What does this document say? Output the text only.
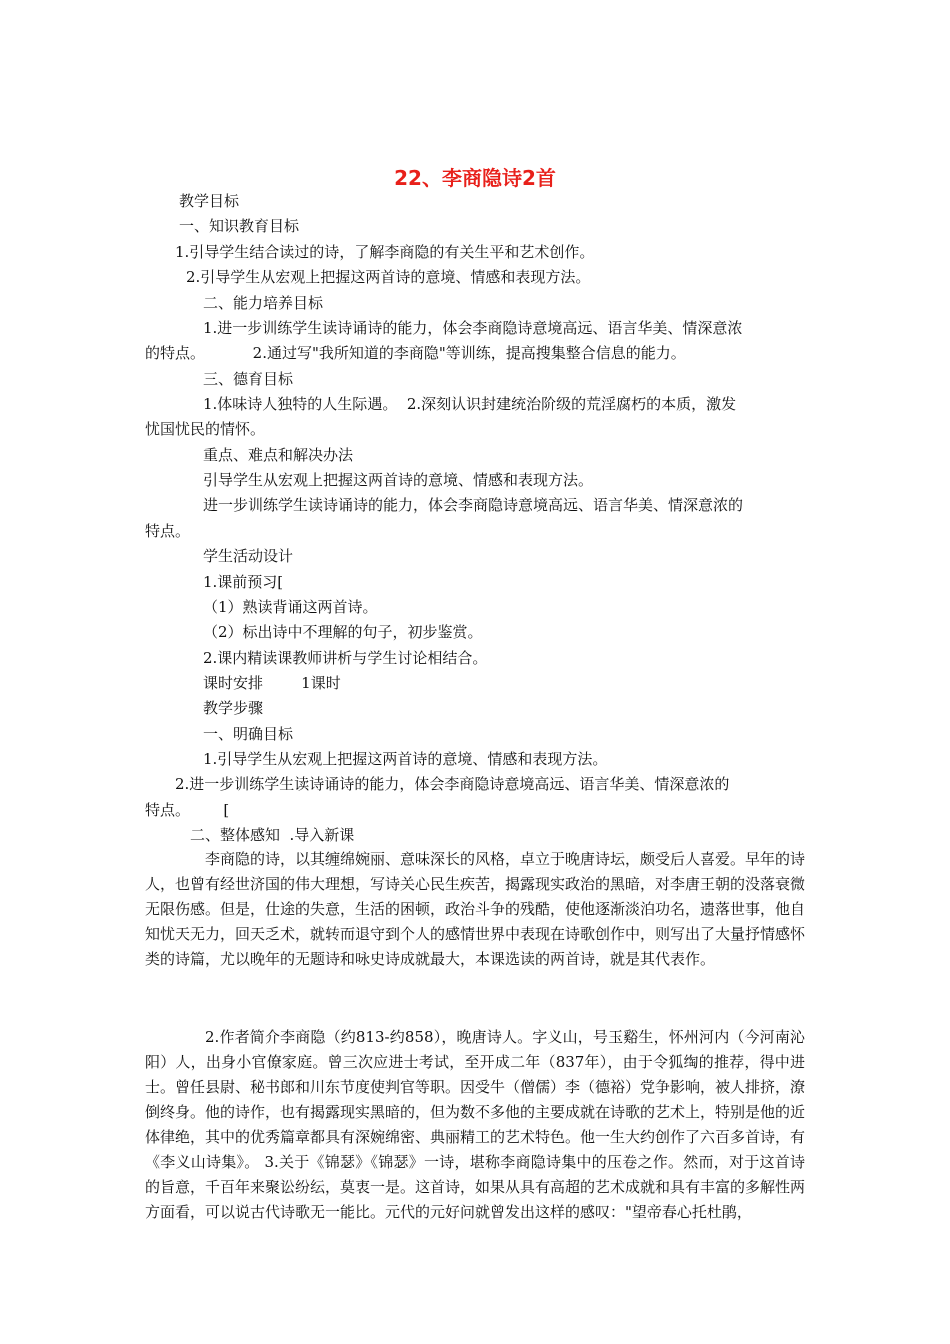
22、李商隐诗2首
教学目标
一、知识教育目标
1.引导学生结合读过的诗，了解李商隐的有关生平和艺术创作。
2.引导学生从宏观上把握这两首诗的意境、情感和表现方法。
二、能力培养目标
1.进一步训练学生读诗诵诗的能力，体会李商隐诗意境高远、语言华美、情深意浓
的特点。          2.通过写"我所知道的李商隐"等训练，提高搜集整合信息的能力。
三、德育目标
1.体味诗人独特的人生际遇。  2.深刻认识封建统治阶级的荒淫腐朽的本质，激发
忧国忧民的情怀。
重点、难点和解决办法
引导学生从宏观上把握这两首诗的意境、情感和表现方法。
进一步训练学生读诗诵诗的能力，体会李商隐诗意境高远、语言华美、情深意浓的
特点。
学生活动设计
1.课前预习[
（1）熟读背诵这两首诗。
（2）标出诗中不理解的句子，初步鉴赏。
2.课内精读课教师讲析与学生讨论相结合。
课时安排        1课时
教学步骤
一、明确目标
1.引导学生从宏观上把握这两首诗的意境、情感和表现方法。
2.进一步训练学生读诗诵诗的能力，体会李商隐诗意境高远、语言华美、情深意浓的
特点。       [
二、整体感知  .导入新课
李商隐的诗，以其缠绵婉丽、意味深长的风格，卓立于晚唐诗坛，颇受后人喜爱。早年的诗人，也曾有经世济国的伟大理想，写诗关心民生疾苦，揭露现实政治的黑暗，对李唐王朝的没落衰微无限伤感。但是，仕途的失意，生活的困顿，政治斗争的残酷，使他逐渐淡泊功名，遗落世事，他自知忧天无力，回天乏术，就转而退守到个人的感情世界中表现在诗歌创作中，则写出了大量抒情感怀类的诗篇，尤以晚年的无题诗和咏史诗成就最大，本课选读的两首诗，就是其代表作。
2.作者简介李商隐（约813-约858），晚唐诗人。字义山，号玉谿生，怀州河内（今河南沁阳）人，出身小官僚家庭。曾三次应进士考试，至开成二年（837年），由于令狐绹的推荐，得中进士。曾任县尉、秘书郎和川东节度使判官等职。因受牛（僧儒）李（德裕）党争影响，被人排挤，潦倒终身。他的诗作，也有揭露现实黑暗的，但为数不多他的主要成就在诗歌的艺术上，特别是他的近体律绝，其中的优秀篇章都具有深婉绵密、典丽精工的艺术特色。他一生大约创作了六百多首诗，有《李义山诗集》。 3.关于《锦瑟》《锦瑟》一诗，堪称李商隐诗集中的压卷之作。然而，对于这首诗的旨意，千百年来聚讼纷纭，莫衷一是。这首诗，如果从具有高超的艺术成就和具有丰富的多解性两方面看，可以说古代诗歌无一能比。元代的元好问就曾发出这样的感叹："望帝春心托杜鹃，
